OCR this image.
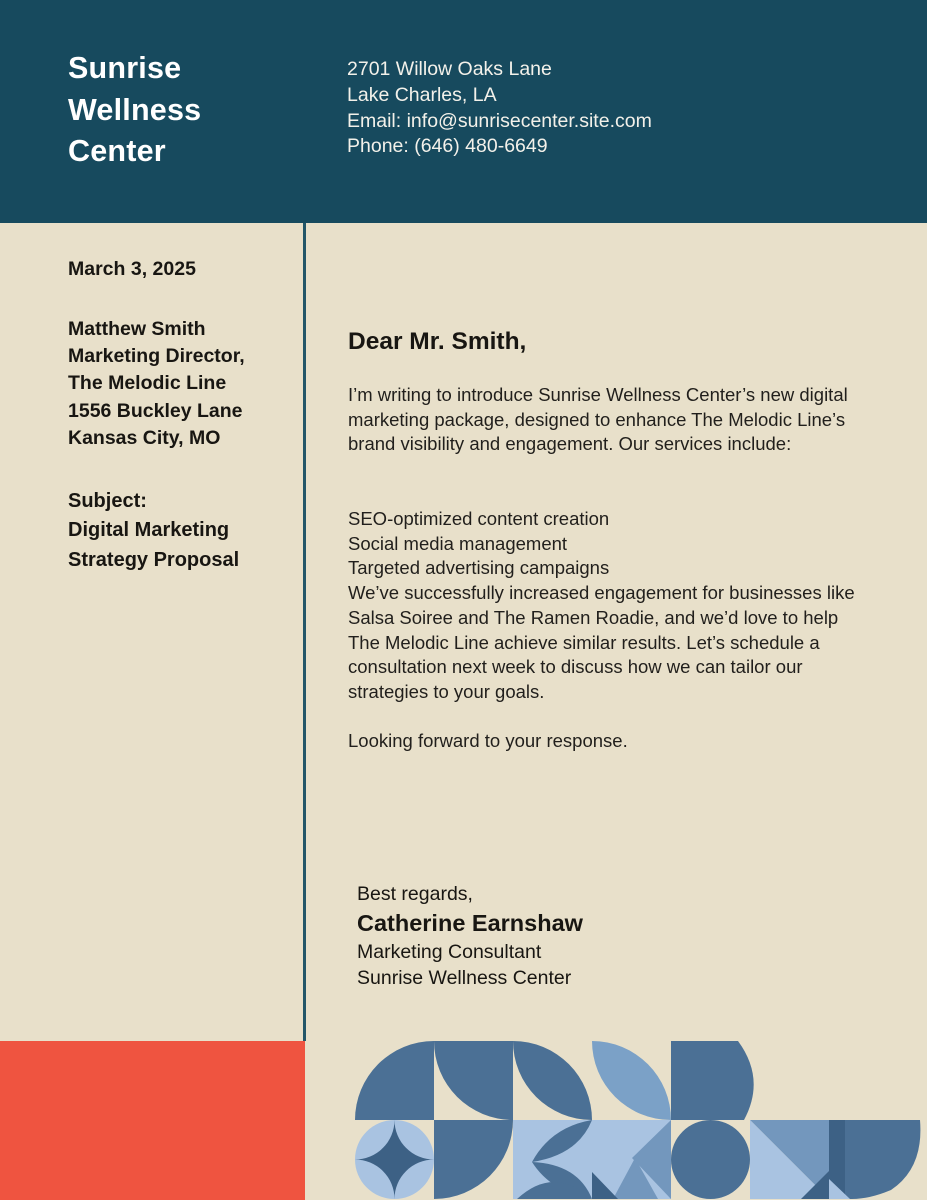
Sunrise
Wellness
Center
2701 Willow Oaks Lane
Lake Charles, LA
Email: info@sunrisecenter.site.com
Phone: (646) 480-6649
March 3, 2025
Matthew Smith
Marketing Director,
The Melodic Line
1556 Buckley Lane
Kansas City, MO
Subject:
Digital Marketing
Strategy Proposal
Dear Mr. Smith,
I’m writing to introduce Sunrise Wellness Center’s new digital marketing package, designed to enhance The Melodic Line’s brand visibility and engagement. Our services include:
SEO-optimized content creation
Social media management
Targeted advertising campaigns
We’ve successfully increased engagement for businesses like Salsa Soiree and The Ramen Roadie, and we’d love to help The Melodic Line achieve similar results. Let’s schedule a consultation next week to discuss how we can tailor our strategies to your goals.
Looking forward to your response.
Best regards,
Catherine Earnshaw
Marketing Consultant
Sunrise Wellness Center
